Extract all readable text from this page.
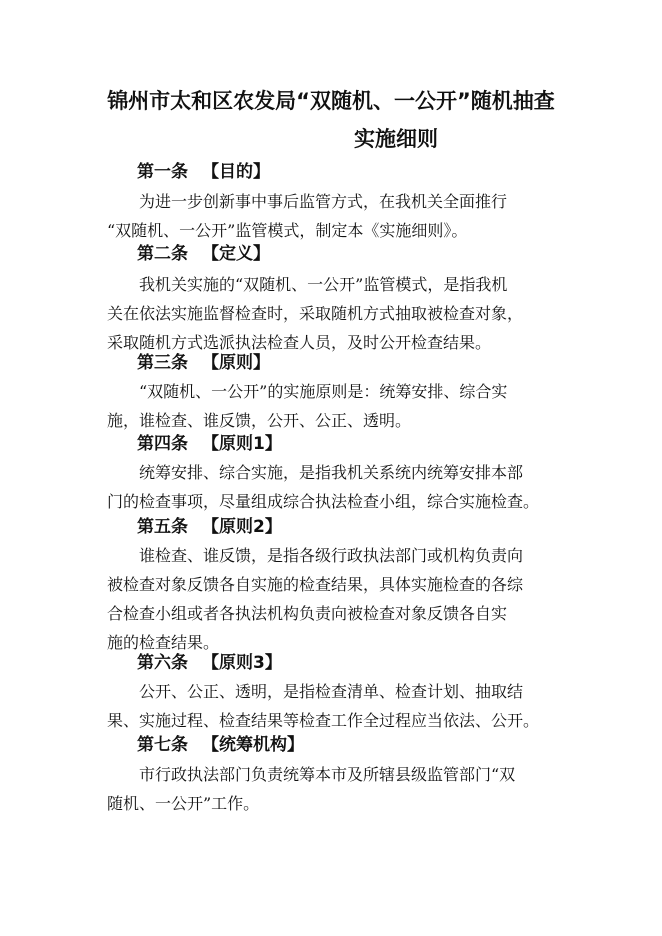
锦州市太和区农发局“双随机、一公开”随机抽查
实施细则
第一条 【目的】
为进一步创新事中事后监管方式，在我机关全面推行
“双随机、一公开”监管模式，制定本《实施细则》。
第二条 【定义】
我机关实施的“双随机、一公开”监管模式，是指我机
关在依法实施监督检查时，采取随机方式抽取被检查对象，
采取随机方式选派执法检查人员，及时公开检查结果。
第三条 【原则】
“双随机、一公开”的实施原则是：统筹安排、综合实
施，谁检查、谁反馈，公开、公正、透明。
第四条 【原则1】
统筹安排、综合实施，是指我机关系统内统筹安排本部
门的检查事项，尽量组成综合执法检查小组，综合实施检查。
第五条 【原则2】
谁检查、谁反馈，是指各级行政执法部门或机构负责向
被检查对象反馈各自实施的检查结果，具体实施检查的各综
合检查小组或者各执法机构负责向被检查对象反馈各自实
施的检查结果。
第六条 【原则3】
公开、公正、透明，是指检查清单、检查计划、抽取结
果、实施过程、检查结果等检查工作全过程应当依法、公开。
第七条 【统筹机构】
市行政执法部门负责统筹本市及所辖县级监管部门“双
随机、一公开”工作。
